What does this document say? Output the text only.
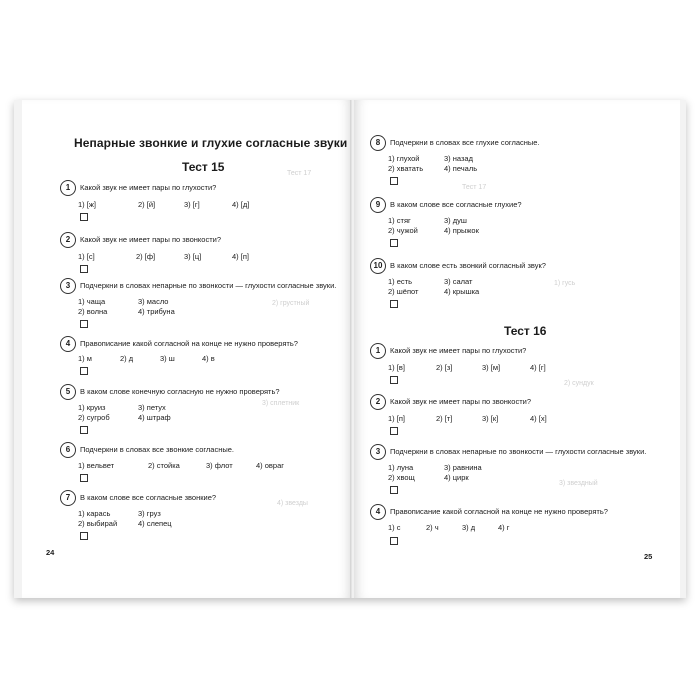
Тест 17
2) грустный
3) сплетник
4) звезды
Непарные звонкие и глухие согласные звуки
Тест 15
1	Какой звук не имеет пары по глухости?
1) [ж]	2) [й]	3) [г]	4) [д]
2	Какой звук не имеет пары по звонкости?
1) [с]	2) [ф]	3) [ц]	4) [п]
3	Подчеркни в словах непарные по звонкости — глухости согласные звуки.
1) чаща	3) масло
2) волна	4) трибуна
4	Правописание какой согласной на конце не нужно проверять?
1) м	2) д	3) ш	4) в
5	В каком слове конечную согласную не нужно проверять?
1) круиз	3) петух
2) сугроб	4) штраф
6	Подчеркни в словах все звонкие согласные.
1) вельвет	2) стойка	3) флот	4) овраг
7	В каком слове все согласные звонкие?
1) карась	3) груз
2) выбирай	4) слепец
24
Тест 17
1) гусь
2) сундук
3) звездный
8	Подчеркни в словах все глухие согласные.
1) глухой	3) назад
2) хватать	4) печаль
9	В каком слове все согласные глухие?
1) стяг	3) душ
2) чужой	4) прыжок
10	В каком слове есть звонкий согласный звук?
1) есть	3) салат
2) шёпот	4) крышка
Тест 16
1	Какой звук не имеет пары по глухости?
1) [в]	2) [з]	3) [м]	4) [г]
2	Какой звук не имеет пары по звонкости?
1) [п]	2) [т]	3) [к]	4) [х]
3	Подчеркни в словах непарные по звонкости — глухости согласные звуки.
1) луна	3) равнина
2) хвощ	4) цирк
4	Правописание какой согласной на конце не нужно проверять?
1) с	2) ч	3) д	4) г
25
